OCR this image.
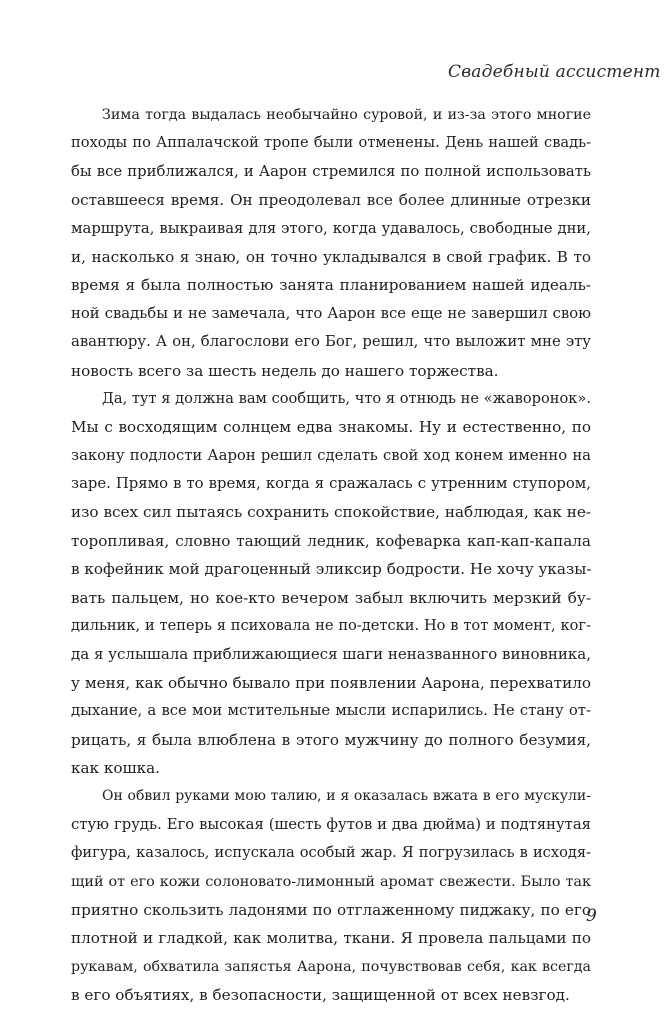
Свадебный ассистент
Зима тогда выдалась необычайно суровой, и из-за этого многие
походы по Аппалачской тропе были отменены. День нашей свадь-
бы все приближался, и Аарон стремился по полной использовать
оставшееся время. Он преодолевал все более длинные отрезки
маршрута, выкраивая для этого, когда удавалось, свободные дни,
и, насколько я знаю, он точно укладывался в свой график. В то
время я была полностью занята планированием нашей идеаль-
ной свадьбы и не замечала, что Аарон все еще не завершил свою
авантюру. А он, благослови его Бог, решил, что выложит мне эту
новость всего за шесть недель до нашего торжества.
Да, тут я должна вам сообщить, что я отнюдь не «жаворонок».
Мы с восходящим солнцем едва знакомы. Ну и естественно, по
закону подлости Аарон решил сделать свой ход конем именно на
заре. Прямо в то время, когда я сражалась с утренним ступором,
изо всех сил пытаясь сохранить спокойствие, наблюдая, как не-
торопливая, словно тающий ледник, кофеварка кап-кап-капала
в кофейник мой драгоценный эликсир бодрости. Не хочу указы-
вать пальцем, но кое-кто вечером забыл включить мерзкий бу-
дильник, и теперь я психовала не по-детски. Но в тот момент, ког-
да я услышала приближающиеся шаги неназванного виновника,
у меня, как обычно бывало при появлении Аарона, перехватило
дыхание, а все мои мстительные мысли испарились. Не стану от-
рицать, я была влюблена в этого мужчину до полного безумия,
как кошка.
Он обвил руками мою талию, и я оказалась вжата в его мускули-
стую грудь. Его высокая (шесть футов и два дюйма) и подтянутая
фигура, казалось, испускала особый жар. Я погрузилась в исходя-
щий от его кожи солоновато-лимонный аромат свежести. Было так
приятно скользить ладонями по отглаженному пиджаку, по его
плотной и гладкой, как молитва, ткани. Я провела пальцами по
рукавам, обхватила запястья Аарона, почувствовав себя, как всегда
в его объятиях, в безопасности, защищенной от всех невзгод.
9
